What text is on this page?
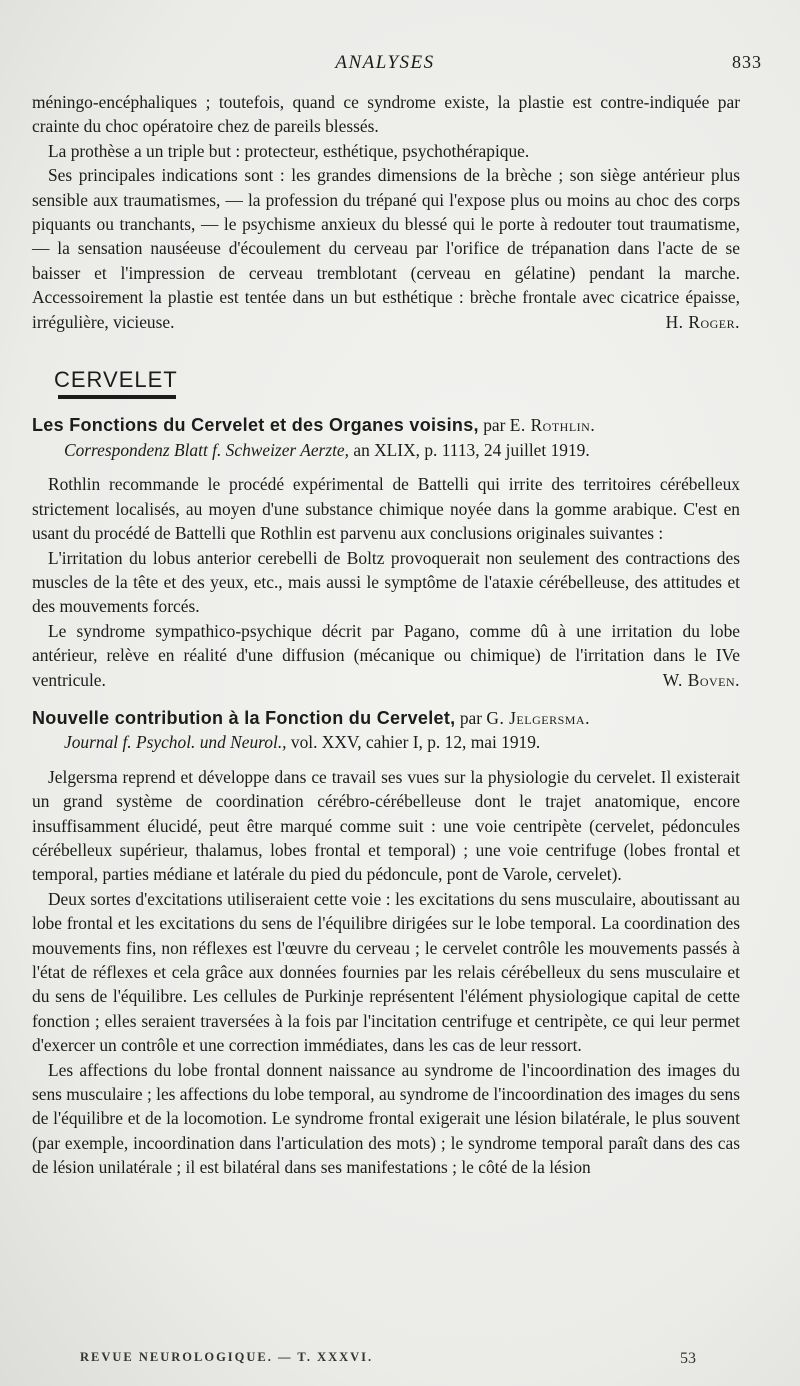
ANALYSES	833

méningo-encéphaliques ; toutefois, quand ce syndrome existe, la plastie est contre-indiquée par crainte du choc opératoire chez de pareils blessés.

La prothèse a un triple but : protecteur, esthétique, psychothérapique.

Ses principales indications sont : les grandes dimensions de la brèche ; son siège antérieur plus sensible aux traumatismes, — la profession du trépané qui l'expose plus ou moins au choc des corps piquants ou tranchants, — le psychisme anxieux du blessé qui le porte à redouter tout traumatisme, — la sensation nauséeuse d'écoulement du cerveau par l'orifice de trépanation dans l'acte de se baisser et l'impression de cerveau tremblotant (cerveau en gélatine) pendant la marche. Accessoirement la plastie est tentée dans un but esthétique : brèche frontale avec cicatrice épaisse, irrégulière, vicieuse.	H. Roger.

CERVELET

Les Fonctions du Cervelet et des Organes voisins, par E. Rothlin.

Correspondenz Blatt f. Schweizer Aerzte, an XLIX, p. 1113, 24 juillet 1919.

Rothlin recommande le procédé expérimental de Battelli qui irrite des territoires cérébelleux strictement localisés, au moyen d'une substance chimique noyée dans la gomme arabique. C'est en usant du procédé de Battelli que Rothlin est parvenu aux conclusions originales suivantes :

L'irritation du lobus anterior cerebelli de Boltz provoquerait non seulement des contractions des muscles de la tête et des yeux, etc., mais aussi le symptôme de l'ataxie cérébelleuse, des attitudes et des mouvements forcés.

Le syndrome sympathico-psychique décrit par Pagano, comme dû à une irritation du lobe antérieur, relève en réalité d'une diffusion (mécanique ou chimique) de l'irritation dans le IVe ventricule.	W. Boven.

Nouvelle contribution à la Fonction du Cervelet, par G. Jelgersma.

Journal f. Psychol. und Neurol., vol. XXV, cahier I, p. 12, mai 1919.

Jelgersma reprend et développe dans ce travail ses vues sur la physiologie du cervelet. Il existerait un grand système de coordination cérébro-cérébelleuse dont le trajet anatomique, encore insuffisamment élucidé, peut être marqué comme suit : une voie centripète (cervelet, pédoncules cérébelleux supérieur, thalamus, lobes frontal et temporal) ; une voie centrifuge (lobes frontal et temporal, parties médiane et latérale du pied du pédoncule, pont de Varole, cervelet).

Deux sortes d'excitations utiliseraient cette voie : les excitations du sens musculaire, aboutissant au lobe frontal et les excitations du sens de l'équilibre dirigées sur le lobe temporal. La coordination des mouvements fins, non réflexes est l'œuvre du cerveau ; le cervelet contrôle les mouvements passés à l'état de réflexes et cela grâce aux données fournies par les relais cérébelleux du sens musculaire et du sens de l'équilibre. Les cellules de Purkinje représentent l'élément physiologique capital de cette fonction ; elles seraient traversées à la fois par l'incitation centrifuge et centripète, ce qui leur permet d'exercer un contrôle et une correction immédiates, dans les cas de leur ressort.

Les affections du lobe frontal donnent naissance au syndrome de l'incoordination des images du sens musculaire ; les affections du lobe temporal, au syndrome de l'incoordination des images du sens de l'équilibre et de la locomotion. Le syndrome frontal exigerait une lésion bilatérale, le plus souvent (par exemple, incoordination dans l'articulation des mots) ; le syndrome temporal paraît dans des cas de lésion unilatérale ; il est bilatéral dans ses manifestations ; le côté de la lésion

REVUE NEUROLOGIQUE. — T. XXXVI.	53
